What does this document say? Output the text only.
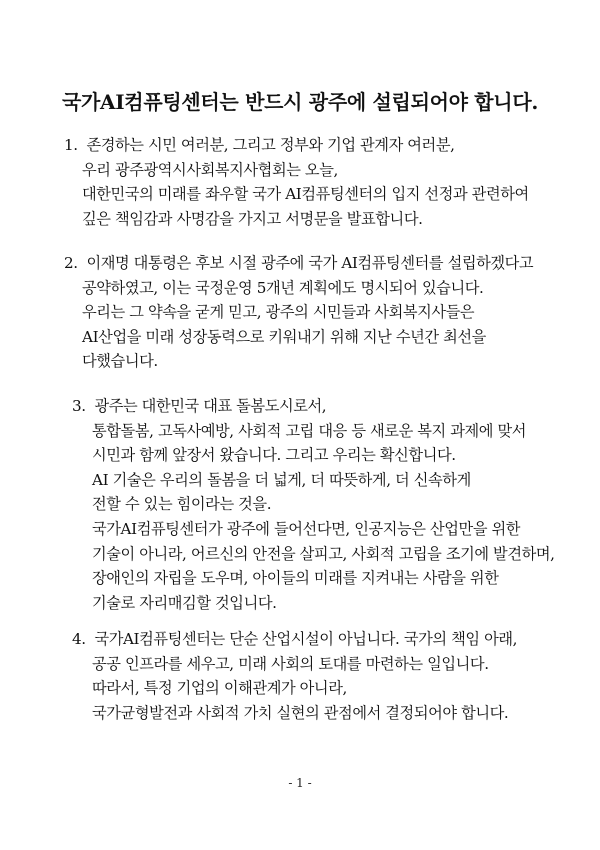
국가AI컴퓨팅센터는 반드시 광주에 설립되어야 합니다.
1. 존경하는 시민 여러분, 그리고 정부와 기업 관계자 여러분,
우리 광주광역시사회복지사협회는 오늘,
대한민국의 미래를 좌우할 국가 AI컴퓨팅센터의 입지 선정과 관련하여
깊은 책임감과 사명감을 가지고 서명문을 발표합니다.
2. 이재명 대통령은 후보 시절 광주에 국가 AI컴퓨팅센터를 설립하겠다고
공약하였고, 이는 국정운영 5개년 계획에도 명시되어 있습니다.
우리는 그 약속을 굳게 믿고, 광주의 시민들과 사회복지사들은
AI산업을 미래 성장동력으로 키워내기 위해 지난 수년간 최선을
다했습니다.
3. 광주는 대한민국 대표 돌봄도시로서,
통합돌봄, 고독사예방, 사회적 고립 대응 등 새로운 복지 과제에 맞서
시민과 함께 앞장서 왔습니다. 그리고 우리는 확신합니다.
AI 기술은 우리의 돌봄을 더 넓게, 더 따뜻하게, 더 신속하게
전할 수 있는 힘이라는 것을.
국가AI컴퓨팅센터가 광주에 들어선다면, 인공지능은 산업만을 위한
기술이 아니라, 어르신의 안전을 살피고, 사회적 고립을 조기에 발견하며,
장애인의 자립을 도우며, 아이들의 미래를 지켜내는 사람을 위한
기술로 자리매김할 것입니다.
4. 국가AI컴퓨팅센터는 단순 산업시설이 아닙니다. 국가의 책임 아래,
공공 인프라를 세우고, 미래 사회의 토대를 마련하는 일입니다.
따라서, 특정 기업의 이해관계가 아니라,
국가균형발전과 사회적 가치 실현의 관점에서 결정되어야 합니다.
- 1 -
